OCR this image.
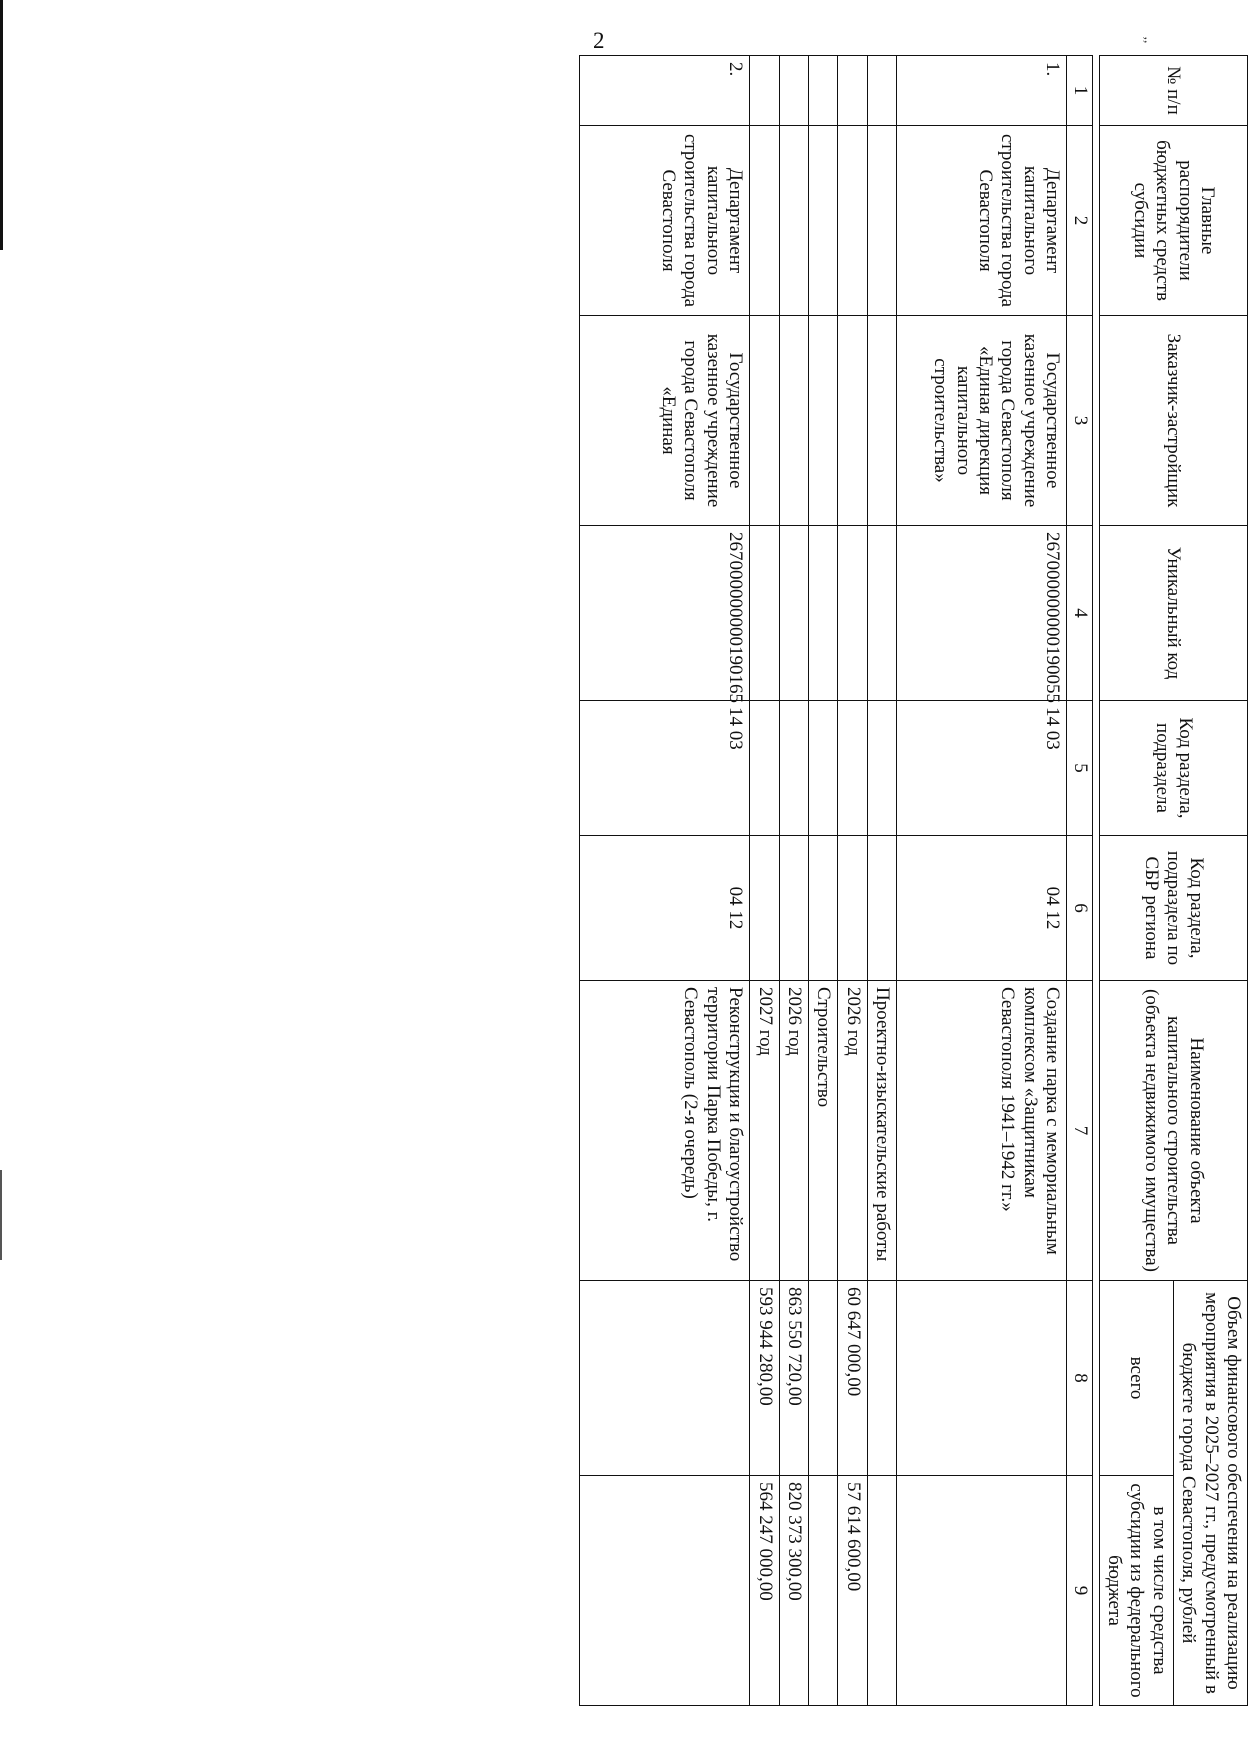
2	’’
№ п/п	Главные распорядители бюджетных средств субсидии	Заказчик-застройщик	Уникальный код	Код раздела, подраздела	Код раздела, подраздела по СБР региона	Наименование объекта капитального строительства (объекта недвижимого имущества)	Объем финансового обеспечения на реализацию мероприятия в 2025–2027 гг., предусмотренный в бюджете города Севастополя, рублей	
							всего	в том числе средства субсидии из федерального бюджета

1	2	3	4	5	6	7	8	9
1.	Департамент капитального строительства города Севастополя	Государственное казенное учреждение города Севастополя «Единая дирекция капитального строительства»	267000000000190055	14 03	04 12	Создание парка с мемориальным комплексом «Защитникам Севастополя 1941–1942 гг.»		
						Проектно-изыскательские работы		
						2026 год	60 647 000,00	57 614 600,00
						Строительство		
						2026 год	863 550 720,00	820 373 300,00
						2027 год	593 944 280,00	564 247 000,00
2.	Департамент капитального строительства города Севастополя	Государственное казенное учреждение города Севастополя «Единая	267000000000190165	14 03	04 12	Реконструкция и благоустройство территории Парка Победы, г. Севастополь (2-я очередь)		
